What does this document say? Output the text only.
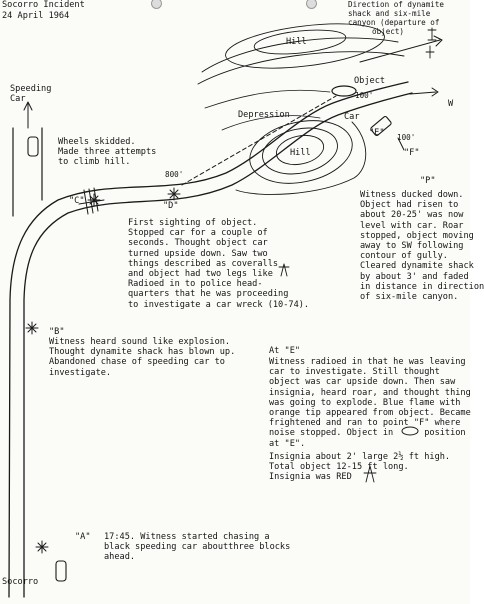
Socorro Incident
24 April 1964
Direction of dynamite
shack and six-mile
canyon (departure of
object)
Hill
Hill
Depression
Object
Car
100'
100'
800'
W
Speeding
Car
Socorro
"C"	"D"
"E"
"F"
Wheels skidded.
Made three attempts
to climb hill.
"P"
Witness ducked down.
Object had risen to
about 20-25' was now
level with car. Roar
stopped, object moving
away to SW following
contour of gully.
Cleared dynamite shack
by about 3' and faded
in distance in direction
of six-mile canyon.
First sighting of object.
Stopped car for a couple of
seconds. Thought object car
turned upside down. Saw two
things described as coveralls
and object had two legs like
Radioed in to police head-
quarters that he was proceeding
to investigate a car wreck (10-74).
"B"
Witness heard sound like explosion.
Thought dynamite shack has blown up.
Abandoned chase of speeding car to
investigate.
At "E"
Witness radioed in that he was leaving
car to investigate. Still thought
object was car upside down. Then saw
insignia, heard roar, and thought thing
was going to explode. Blue flame with
orange tip appeared from object. Became
frightened and ran to point "F" where
noise stopped. Object in      position
at "E".
Insignia about 2' large 2½ ft high.
Total object 12-15 ft long.
Insignia was RED
"A" 17:45. Witness started chasing a
black speeding car aboutthree blocks
ahead.
